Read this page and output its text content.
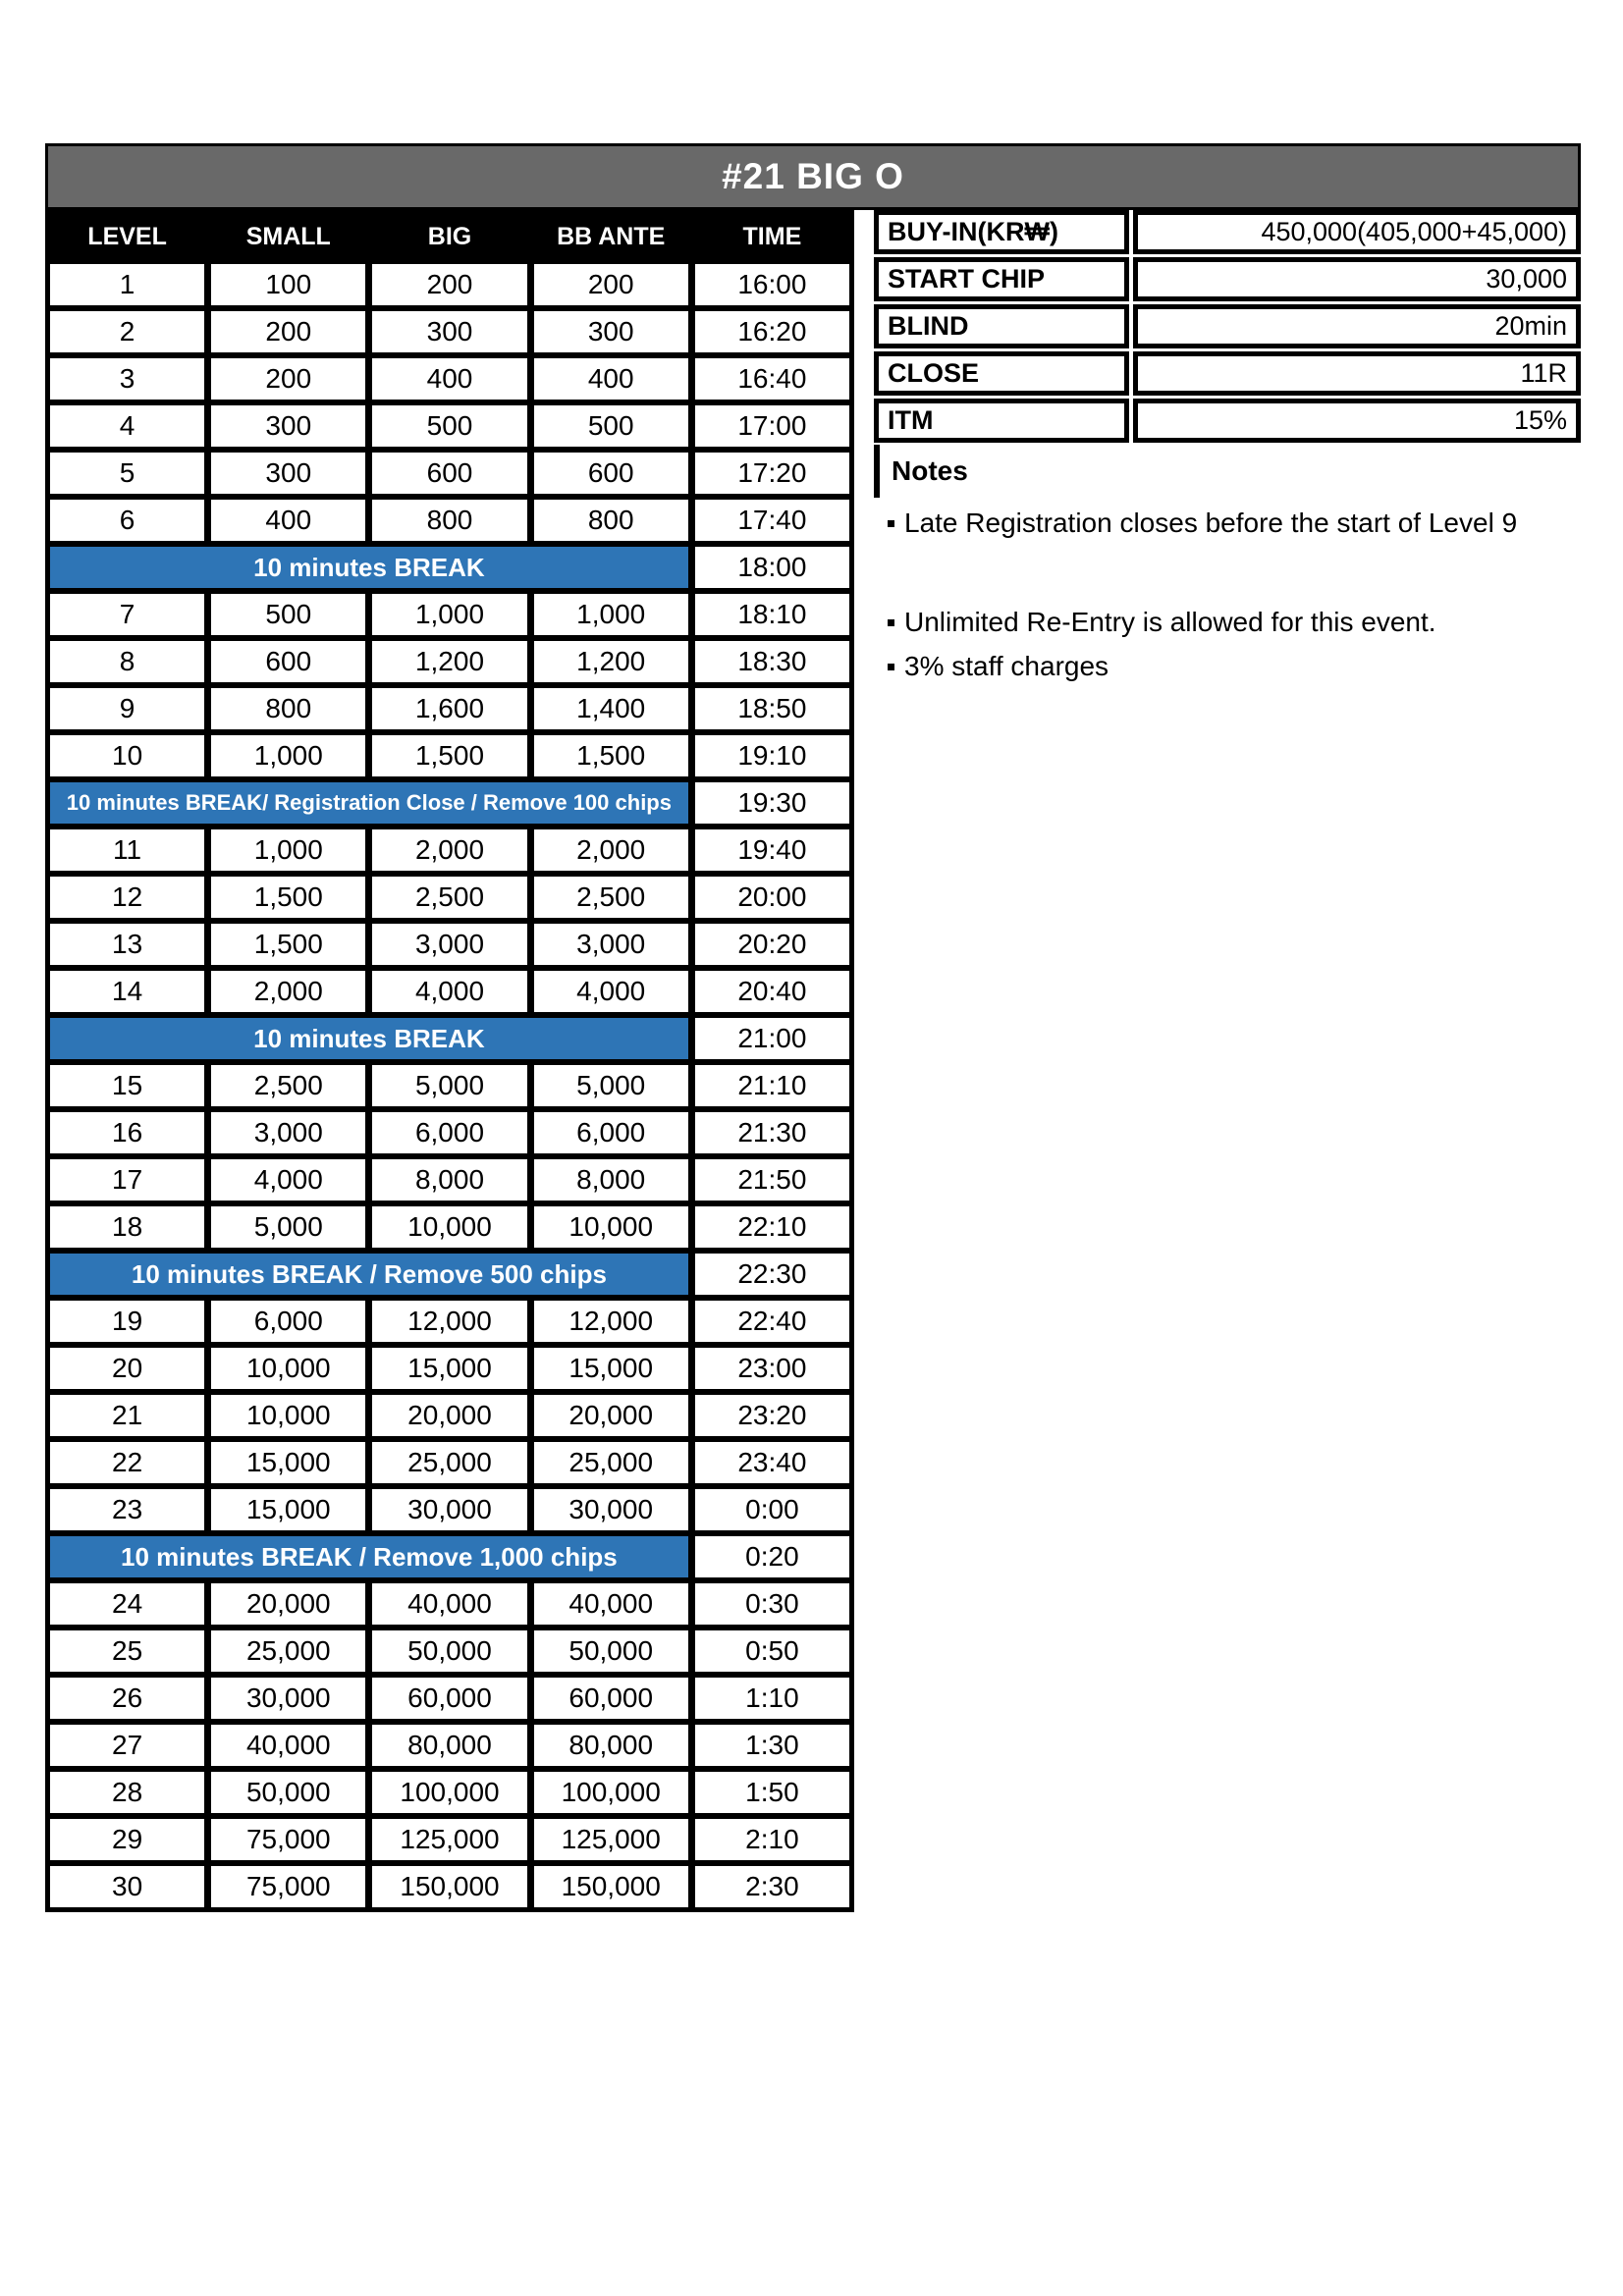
#21 BIG O
LEVEL	SMALL	BIG	BB ANTE	TIME
1	100	200	200	16:00
2	200	300	300	16:20
3	200	400	400	16:40
4	300	500	500	17:00
5	300	600	600	17:20
6	400	800	800	17:40
10 minutes BREAK	18:00
7	500	1,000	1,000	18:10
8	600	1,200	1,200	18:30
9	800	1,600	1,400	18:50
10	1,000	1,500	1,500	19:10
10 minutes BREAK/ Registration Close / Remove 100 chips	19:30
11	1,000	2,000	2,000	19:40
12	1,500	2,500	2,500	20:00
13	1,500	3,000	3,000	20:20
14	2,000	4,000	4,000	20:40
10 minutes BREAK	21:00
15	2,500	5,000	5,000	21:10
16	3,000	6,000	6,000	21:30
17	4,000	8,000	8,000	21:50
18	5,000	10,000	10,000	22:10
10 minutes BREAK / Remove 500 chips	22:30
19	6,000	12,000	12,000	22:40
20	10,000	15,000	15,000	23:00
21	10,000	20,000	20,000	23:20
22	15,000	25,000	25,000	23:40
23	15,000	30,000	30,000	0:00
10 minutes BREAK / Remove 1,000 chips	0:20
24	20,000	40,000	40,000	0:30
25	25,000	50,000	50,000	0:50
26	30,000	60,000	60,000	1:10
27	40,000	80,000	80,000	1:30
28	50,000	100,000	100,000	1:50
29	75,000	125,000	125,000	2:10
30	75,000	150,000	150,000	2:30
BUY-IN(KR₩)	450,000(405,000+45,000)
START CHIP	30,000
BLIND	20min
CLOSE	11R
ITM	15%
Notes
Late Registration closes before the start of Level 9
Unlimited Re-Entry is allowed for this event.
3% staff charges
